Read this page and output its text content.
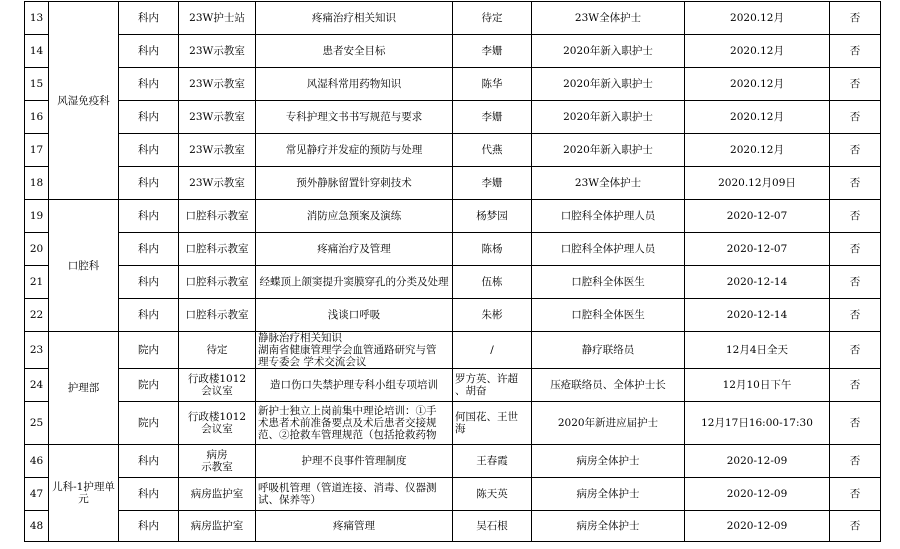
13	风湿免疫科	科内	23W护士站	疼痛治疗相关知识	待定	23W全体护士	2020.12月	否
14		科内	23W示教室	患者安全目标	李姗	2020年新入职护士	2020.12月	否
15		科内	23W示教室	风湿科常用药物知识	陈华	2020年新入职护士	2020.12月	否
16		科内	23W示教室	专科护理文书书写规范与要求	李姗	2020年新入职护士	2020.12月	否
17		科内	23W示教室	常见静疗并发症的预防与处理	代燕	2020年新入职护士	2020.12月	否
18		科内	23W示教室	预外静脉留置针穿刺技术	李姗	23W全体护士	2020.12月09日	否
19	口腔科	科内	口腔科示教室	消防应急预案及演练	杨梦园	口腔科全体护理人员	2020-12-07	否
20		科内	口腔科示教室	疼痛治疗及管理	陈杨	口腔科全体护理人员	2020-12-07	否
21		科内	口腔科示教室	经蝶顶上颌窦提升窦膜穿孔的分类及处理	伍栋	口腔科全体医生	2020-12-14	否
22		科内	口腔科示教室	浅谈口呼吸	朱彬	口腔科全体医生	2020-12-14	否
23	护理部	院内	待定	静脉治疗相关知识
湖南省健康管理学会血管通路研究与管
理专委会 学术交流会议	/	静疗联络员	12月4日全天	否
24		院内	行政楼1012
会议室	造口伤口失禁护理专科小组专项培训	罗方英、许超
、胡奋	压疮联络员、全体护士长	12月10日下午	否
25		院内	行政楼1012
会议室	新护士独立上岗前集中理论培训：①手
术患者术前准备要点及术后患者交接规
范、②抢救车管理规范（包括抢救药物	何国花、王世
海	2020年新进应届护士	12月17日16:00-17:30	否
46	儿科-1护理单元	科内	病房
示教室	护理不良事件管理制度	王春霞	病房全体护士	2020-12-09	否
47		科内	病房监护室	呼吸机管理（管道连接、消毒、仪器测
试、保养等）	陈天英	病房全体护士	2020-12-09	否
48		科内	病房监护室	疼痛管理	吴石根	病房全体护士	2020-12-09	否
